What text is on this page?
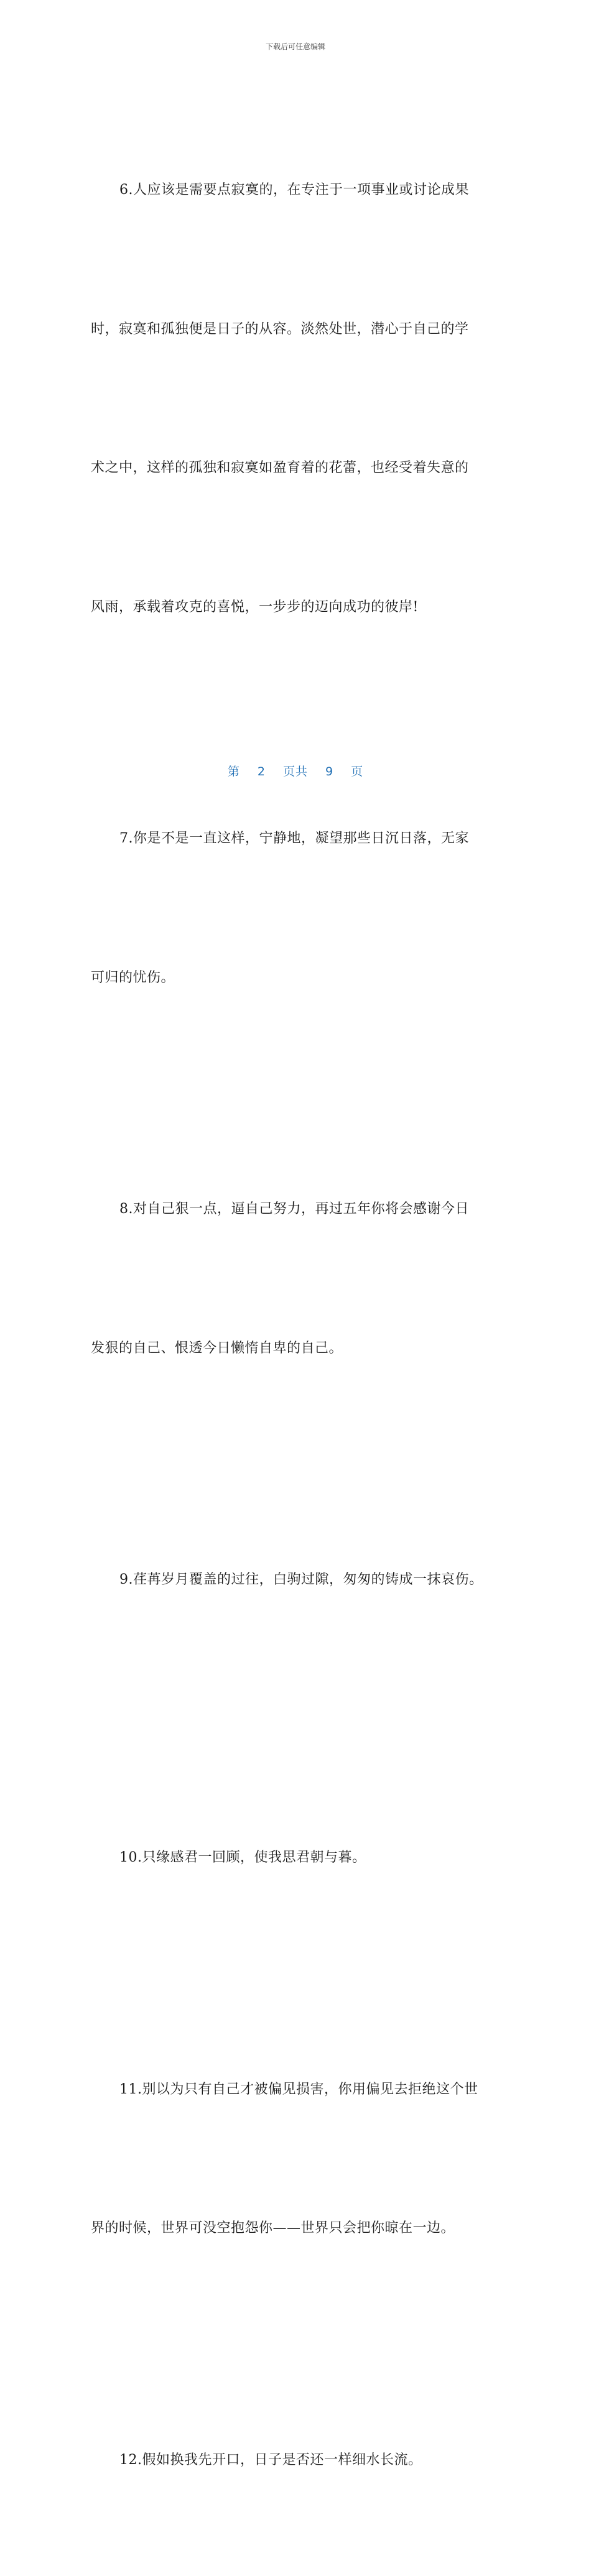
下载后可任意编辑

6.人应该是需要点寂寞的，在专注于一项事业或讨论成果

时，寂寞和孤独便是日子的从容。淡然处世，潜心于自己的学

术之中，这样的孤独和寂寞如盈育着的花蕾，也经受着失意的

风雨，承载着攻克的喜悦，一步步的迈向成功的彼岸!

7.你是不是一直这样，宁静地，凝望那些日沉日落，无家

可归的忧伤。

8.对自己狠一点，逼自己努力，再过五年你将会感谢今日

发狠的自己、恨透今日懒惰自卑的自己。

9.荏苒岁月覆盖的过往，白驹过隙，匆匆的铸成一抹哀伤。

10.只缘感君一回顾，使我思君朝与暮。

11.别以为只有自己才被偏见损害，你用偏见去拒绝这个世

界的时候，世界可没空抱怨你——世界只会把你晾在一边。

12.假如换我先开口，日子是否还一样细水长流。

第 2 页共 9 页
